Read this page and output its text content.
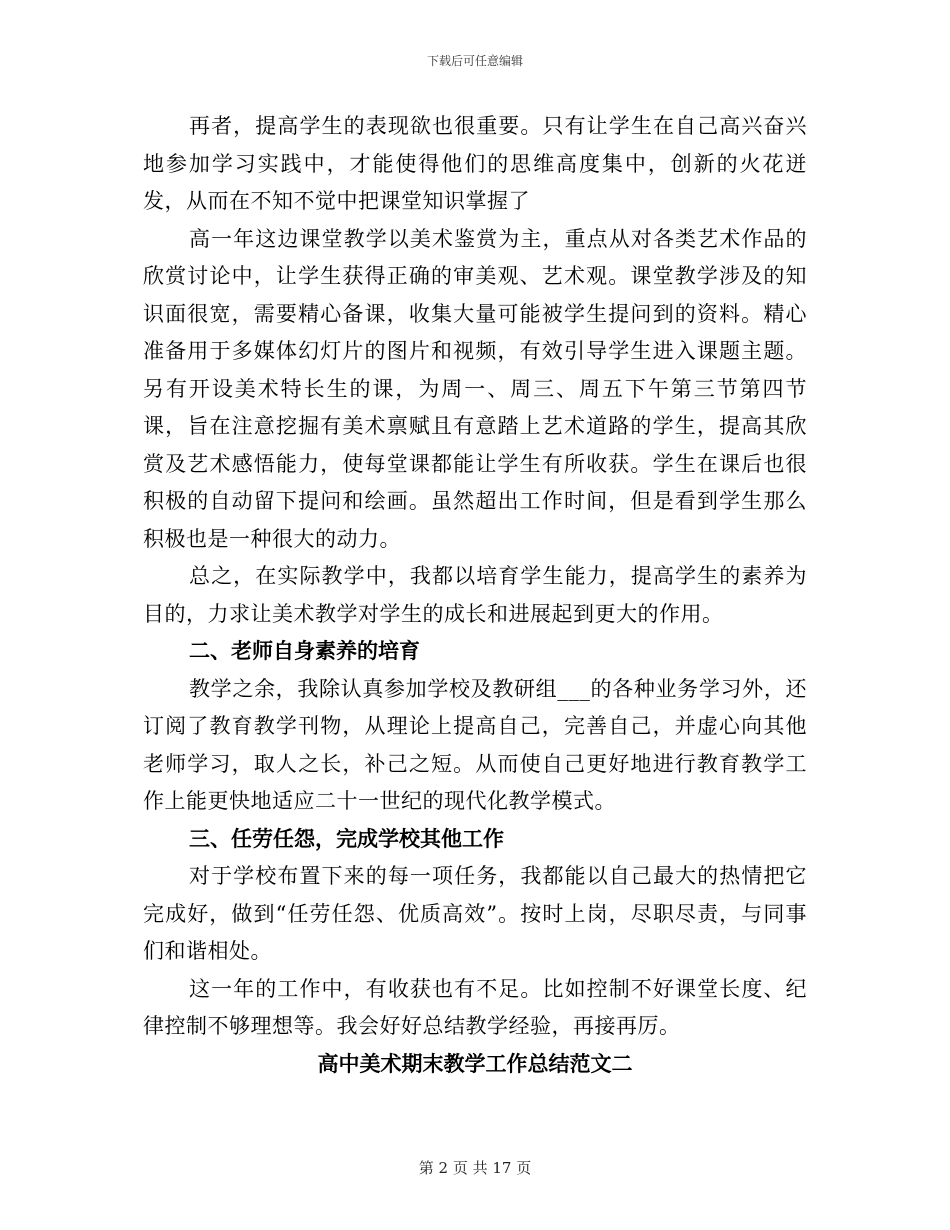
下载后可任意编辑

再者，提高学生的表现欲也很重要。只有让学生在自己高兴奋兴地参加学习实践中，才能使得他们的思维高度集中，创新的火花迸发，从而在不知不觉中把课堂知识掌握了

高一年这边课堂教学以美术鉴赏为主，重点从对各类艺术作品的欣赏讨论中，让学生获得正确的审美观、艺术观。课堂教学涉及的知识面很宽，需要精心备课，收集大量可能被学生提问到的资料。精心准备用于多媒体幻灯片的图片和视频，有效引导学生进入课题主题。另有开设美术特长生的课，为周一、周三、周五下午第三节第四节课，旨在注意挖掘有美术禀赋且有意踏上艺术道路的学生，提高其欣赏及艺术感悟能力，使每堂课都能让学生有所收获。学生在课后也很积极的自动留下提问和绘画。虽然超出工作时间，但是看到学生那么积极也是一种很大的动力。

总之，在实际教学中，我都以培育学生能力，提高学生的素养为目的，力求让美术教学对学生的成长和进展起到更大的作用。

二、老师自身素养的培育

教学之余，我除认真参加学校及教研组___的各种业务学习外，还订阅了教育教学刊物，从理论上提高自己，完善自己，并虚心向其他老师学习，取人之长，补己之短。从而使自己更好地进行教育教学工作上能更快地适应二十一世纪的现代化教学模式。

三、任劳任怨，完成学校其他工作

对于学校布置下来的每一项任务，我都能以自己最大的热情把它完成好，做到“任劳任怨、优质高效”。按时上岗，尽职尽责，与同事们和谐相处。

这一年的工作中，有收获也有不足。比如控制不好课堂长度、纪律控制不够理想等。我会好好总结教学经验，再接再厉。

高中美术期末教学工作总结范文二

第 2 页 共 17 页
